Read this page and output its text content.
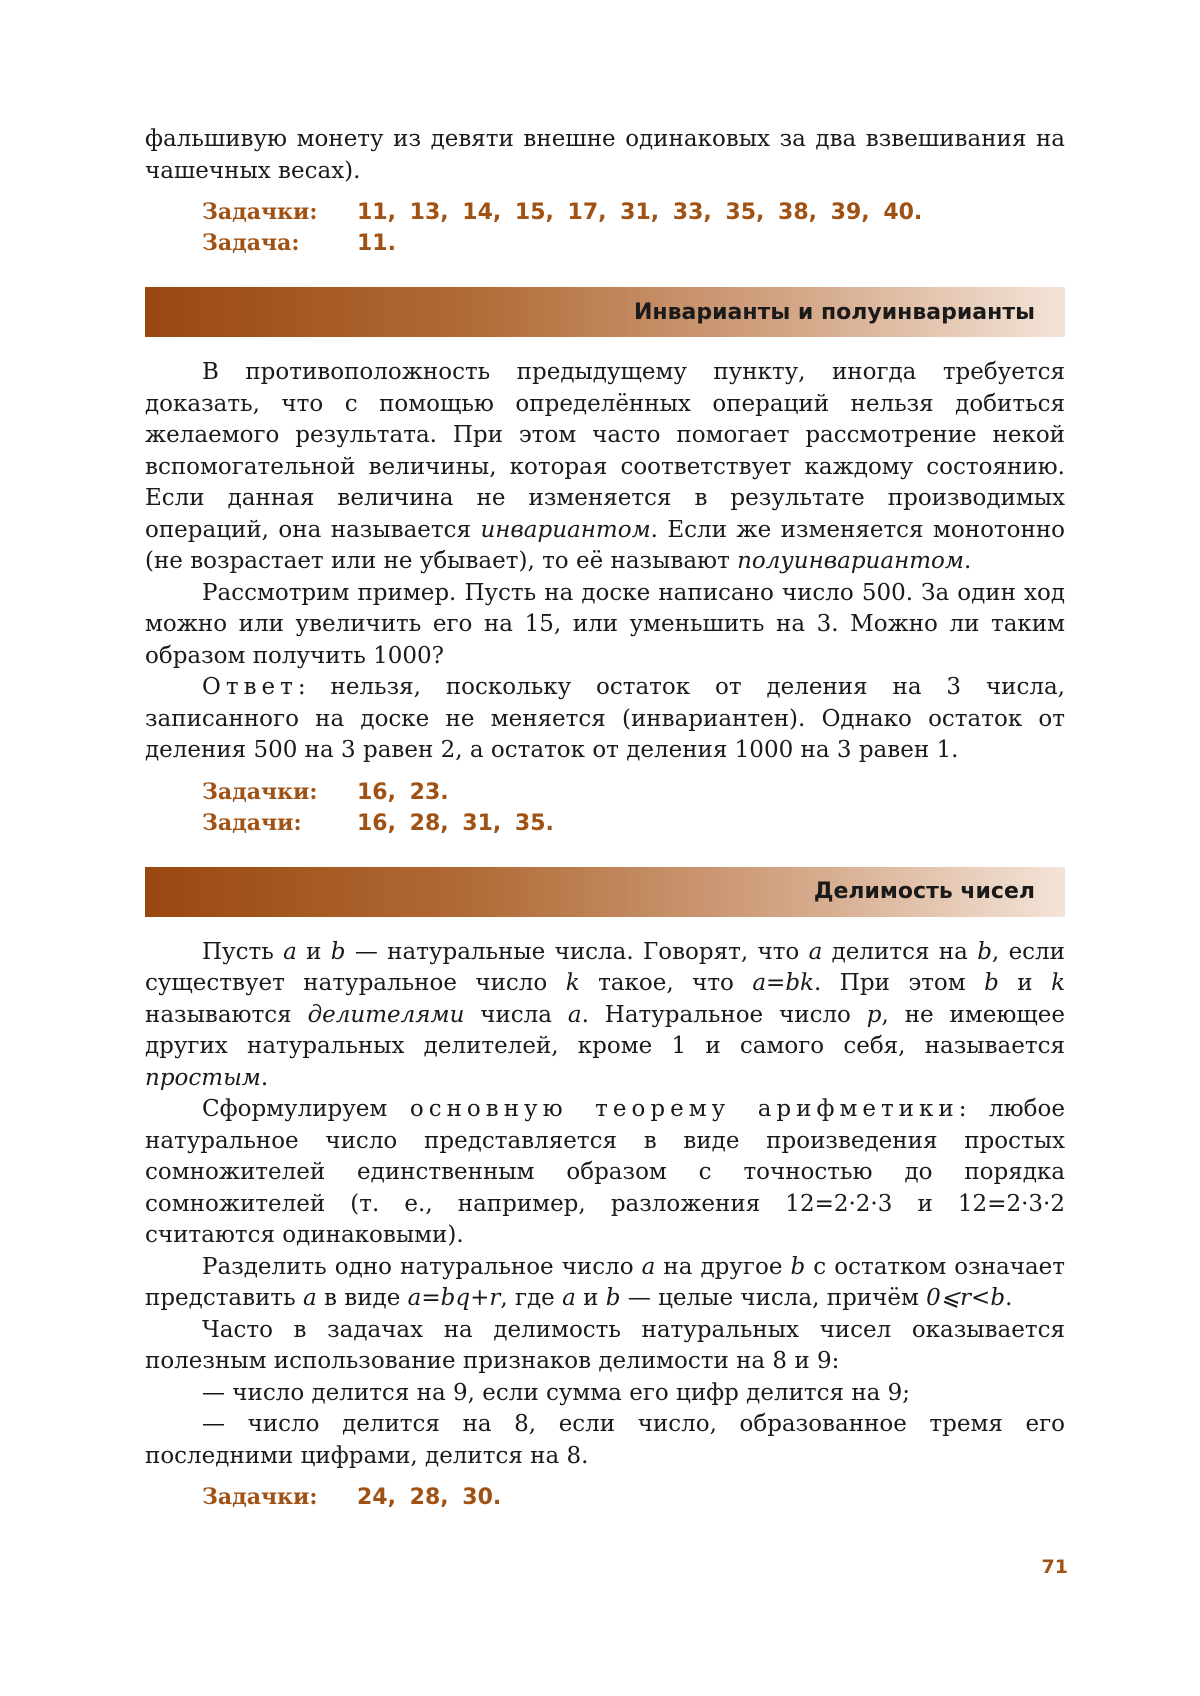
фальшивую монету из девяти внешне одинаковых за два взвешивания на чашечных весах).

Задачки:	11, 13, 14, 15, 17, 31, 33, 35, 38, 39, 40.
Задача:	11.
Инварианты и полуинварианты

В противоположность предыдущему пункту, иногда требуется доказать, что с помощью определённых операций нельзя добиться желаемого результата. При этом часто помогает рассмотрение некой вспомогательной величины, которая соответствует каждому состоянию. Если данная величина не изменяется в результате производимых операций, она называется инвариантом. Если же изменяется монотонно (не возрастает или не убывает), то её называют полуинвариантом.

Рассмотрим пример. Пусть на доске написано число 500. За один ход можно или увеличить его на 15, или уменьшить на 3. Можно ли таким образом получить 1000?

Ответ: нельзя, поскольку остаток от деления на 3 числа, записанного на доске не меняется (инвариантен). Однако остаток от деления 500 на 3 равен 2, а остаток от деления 1000 на 3 равен 1.

Задачки:	16, 23.
Задачи:	16, 28, 31, 35.
Делимость чисел

Пусть a и b — натуральные числа. Говорят, что a делится на b, если существует натуральное число k такое, что a=bk. При этом b и k называются делителями числа a. Натуральное число p, не имеющее других натуральных делителей, кроме 1 и самого себя, называется простым.

Сформулируем основную теорему арифметики: любое натуральное число представляется в виде произведения простых сомножителей единственным образом с точностью до порядка сомножителей (т. е., например, разложения 12=2·2·3 и 12=2·3·2 считаются одинаковыми).

Разделить одно натуральное число a на другое b с остатком означает представить a в виде a=bq+r, где a и b — целые числа, причём 0⩽r<b.

Часто в задачах на делимость натуральных чисел оказывается полезным использование признаков делимости на 8 и 9:

— число делится на 9, если сумма его цифр делится на 9;

— число делится на 8, если число, образованное тремя его последними цифрами, делится на 8.

Задачки:	24, 28, 30.
71
